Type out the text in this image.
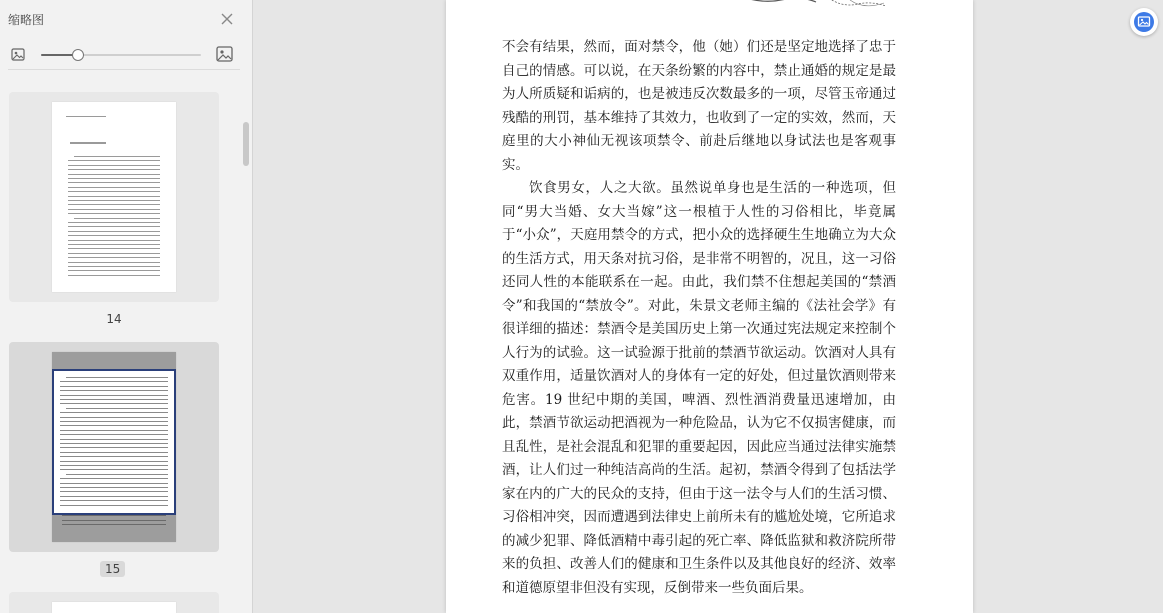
缩略图
14
15

不会有结果，然而，面对禁令，他（她）们还是坚定地选择了忠于自己的情感。可以说，在天条纷繁的内容中，禁止通婚的规定是最为人所质疑和诟病的，也是被违反次数最多的一项，尽管玉帝通过残酷的刑罚，基本维持了其效力，也收到了一定的实效，然而，天庭里的大小神仙无视该项禁令、前赴后继地以身试法也是客观事实。

饮食男女，人之大欲。虽然说单身也是生活的一种选项，但同“男大当婚、女大当嫁”这一根植于人性的习俗相比，毕竟属于“小众”，天庭用禁令的方式，把小众的选择硬生生地确立为大众的生活方式，用天条对抗习俗，是非常不明智的，况且，这一习俗还同人性的本能联系在一起。由此，我们禁不住想起美国的“禁酒令”和我国的“禁放令”。对此，朱景文老师主编的《法社会学》有很详细的描述：禁酒令是美国历史上第一次通过宪法规定来控制个人行为的试验。这一试验源于批前的禁酒节欲运动。饮酒对人具有双重作用，适量饮酒对人的身体有一定的好处，但过量饮酒则带来危害。19 世纪中期的美国，啤酒、烈性酒消费量迅速增加，由此，禁酒节欲运动把酒视为一种危险品，认为它不仅损害健康，而且乱性，是社会混乱和犯罪的重要起因，因此应当通过法律实施禁酒，让人们过一种纯洁高尚的生活。起初，禁酒令得到了包括法学家在内的广大的民众的支持，但由于这一法令与人们的生活习惯、习俗相冲突，因而遭遇到法律史上前所未有的尴尬处境，它所追求的减少犯罪、降低酒精中毒引起的死亡率、降低监狱和救济院所带来的负担、改善人们的健康和卫生条件以及其他良好的经济、效率和道德原望非但没有实现，反倒带来一些负面后果。
